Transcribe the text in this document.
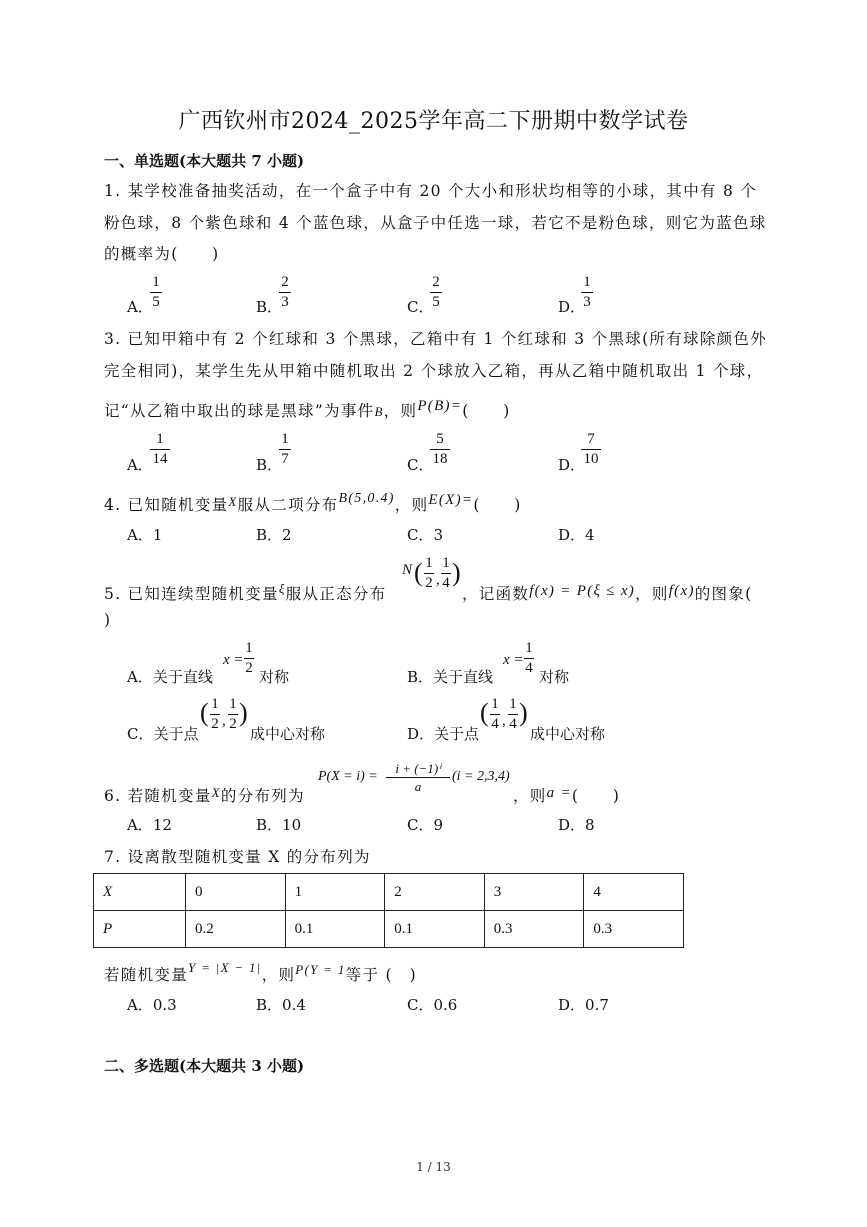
广西钦州市2024_2025学年高二下册期中数学试卷
一、单选题(本大题共 7 小题)
1. 某学校准备抽奖活动，在一个盒子中有 20 个大小和形状均相等的小球，其中有 8 个
粉色球，8 个紫色球和 4 个蓝色球，从盒子中任选一球，若它不是粉色球，则它为蓝色球
的概率为(　　)
A．
1
5	B．
2
3	C．
2
5	D．
1
3
3. 已知甲箱中有 2 个红球和 3 个黑球，乙箱中有 1 个红球和 3 个黑球(所有球除颜色外
完全相同)，某学生先从甲箱中随机取出 2 个球放入乙箱，再从乙箱中随机取出 1 个球，
记“从乙箱中取出的球是黑球”为事件B，则P(B)=(　　)
A．
1
14	B．
1
7	C．
5
18	D．
7
10
4. 已知随机变量$^X$服从二项分布B(5,0.4)，则E(X)=(　　)
A．1	B．2	C．3	D．4
5. 已知连续型随机变量$^\xi$服从正态分布
N ( 1
2 ,
1
4 )
，记函数f(x) = P(ξ ≤ x)，则f(x)的图象(
)
A．关于直线
x =
1
2 对称	B．关于直线
x =
1
4 对称
C．关于点
( 1
2 ,
1
2 )
成中心对称	D．关于点
( 1
4 ,
1
4 )
成中心对称
6. 若随机变量$^X$的分布列为
P(X = i) =
i + (−1)ⁱ
a
(i = 2,3,4)
，则a =(　　)
A．12	B．10	C．9	D．8
7. 设离散型随机变量 X 的分布列为
X	0	1	2	3	4
P	0.2	0.1	0.1	0.3	0.3
若随机变量$^{Y = |X - 1|}$，则$^{P(Y = 1}$等于 (　)
A．0.3	B．0.4	C．0.6	D．0.7
二、多选题(本大题共 3 小题)
1 / 13
